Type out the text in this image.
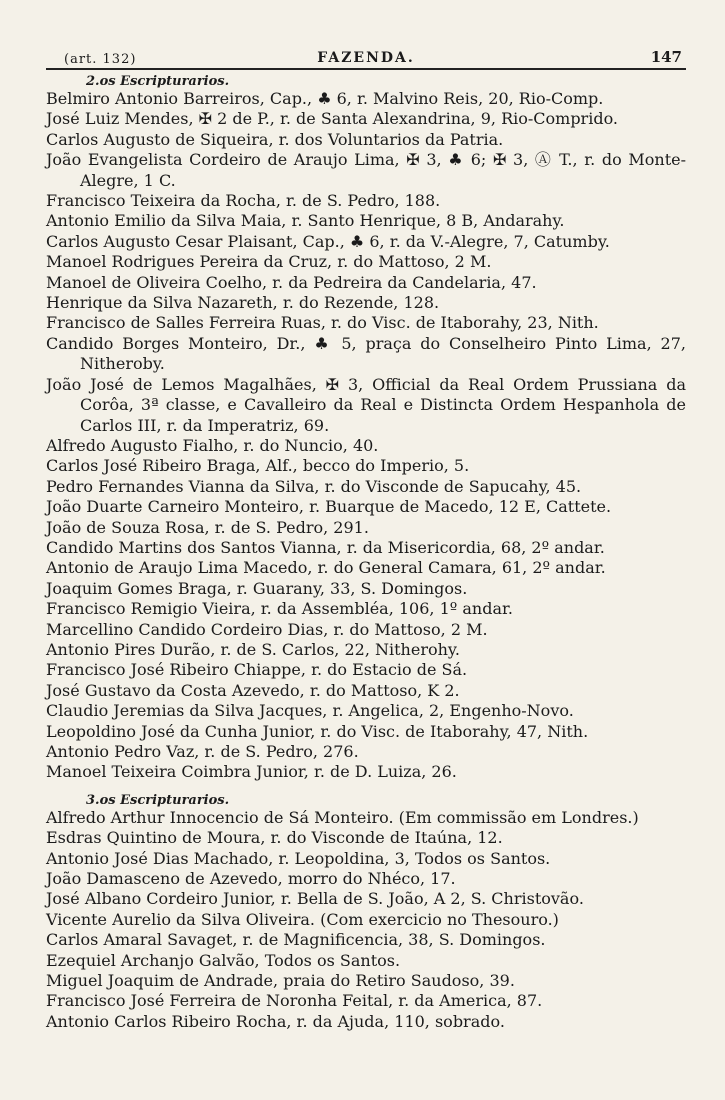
(art. 132)	FAZENDA.	147

2.os Escripturarios.

Belmiro Antonio Barreiros, Cap., ♣ 6, r. Malvino Reis, 20, Rio-Comp.
José Luiz Mendes, ✠ 2 de P., r. de Santa Alexandrina, 9, Rio-Comprido.
Carlos Augusto de Siqueira, r. dos Voluntarios da Patria.
João Evangelista Cordeiro de Araujo Lima, ✠ 3, ♣ 6; ✠ 3, Ⓐ T., r. do Monte-Alegre, 1 C.
Francisco Teixeira da Rocha, r. de S. Pedro, 188.
Antonio Emilio da Silva Maia, r. Santo Henrique, 8 B, Andarahy.
Carlos Augusto Cesar Plaisant, Cap., ♣ 6, r. da V.-Alegre, 7, Catumby.
Manoel Rodrigues Pereira da Cruz, r. do Mattoso, 2 M.
Manoel de Oliveira Coelho, r. da Pedreira da Candelaria, 47.
Henrique da Silva Nazareth, r. do Rezende, 128.
Francisco de Salles Ferreira Ruas, r. do Visc. de Itaborahy, 23, Nith.
Candido Borges Monteiro, Dr., ♣ 5, praça do Conselheiro Pinto Lima, 27, Nitheroby.
João José de Lemos Magalhães, ✠ 3, Official da Real Ordem Prussiana da Corôa, 3ª classe, e Cavalleiro da Real e Distincta Ordem Hespanhola de Carlos III, r. da Imperatriz, 69.
Alfredo Augusto Fialho, r. do Nuncio, 40.
Carlos José Ribeiro Braga, Alf., becco do Imperio, 5.
Pedro Fernandes Vianna da Silva, r. do Visconde de Sapucahy, 45.
João Duarte Carneiro Monteiro, r. Buarque de Macedo, 12 E, Cattete.
João de Souza Rosa, r. de S. Pedro, 291.
Candido Martins dos Santos Vianna, r. da Misericordia, 68, 2º andar.
Antonio de Araujo Lima Macedo, r. do General Camara, 61, 2º andar.
Joaquim Gomes Braga, r. Guarany, 33, S. Domingos.
Francisco Remigio Vieira, r. da Assembléa, 106, 1º andar.
Marcellino Candido Cordeiro Dias, r. do Mattoso, 2 M.
Antonio Pires Durão, r. de S. Carlos, 22, Nitherohy.
Francisco José Ribeiro Chiappe, r. do Estacio de Sá.
José Gustavo da Costa Azevedo, r. do Mattoso, K 2.
Claudio Jeremias da Silva Jacques, r. Angelica, 2, Engenho-Novo.
Leopoldino José da Cunha Junior, r. do Visc. de Itaborahy, 47, Nith.
Antonio Pedro Vaz, r. de S. Pedro, 276.
Manoel Teixeira Coimbra Junior, r. de D. Luiza, 26.

3.os Escripturarios.

Alfredo Arthur Innocencio de Sá Monteiro. (Em commissão em Londres.)
Esdras Quintino de Moura, r. do Visconde de Itaúna, 12.
Antonio José Dias Machado, r. Leopoldina, 3, Todos os Santos.
João Damasceno de Azevedo, morro do Nhéco, 17.
José Albano Cordeiro Junior, r. Bella de S. João, A 2, S. Christovão.
Vicente Aurelio da Silva Oliveira. (Com exercicio no Thesouro.)
Carlos Amaral Savaget, r. de Magnificencia, 38, S. Domingos.
Ezequiel Archanjo Galvão, Todos os Santos.
Miguel Joaquim de Andrade, praia do Retiro Saudoso, 39.
Francisco José Ferreira de Noronha Feital, r. da America, 87.
Antonio Carlos Ribeiro Rocha, r. da Ajuda, 110, sobrado.
